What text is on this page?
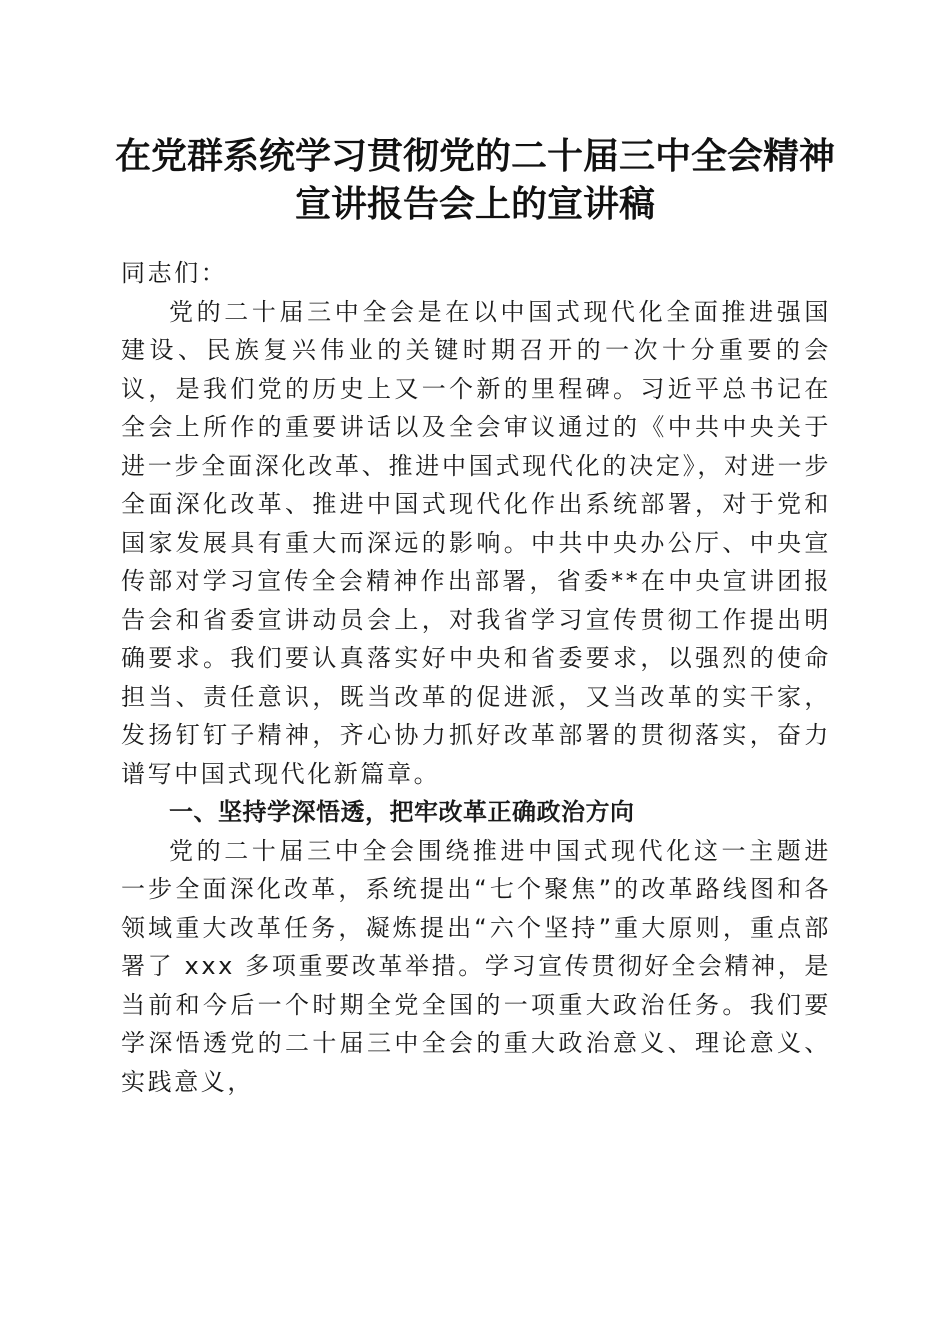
在党群系统学习贯彻党的二十届三中全会精神
宣讲报告会上的宣讲稿

同志们：

党的二十届三中全会是在以中国式现代化全面推进强国建设、民族复兴伟业的关键时期召开的一次十分重要的会议，是我们党的历史上又一个新的里程碑。习近平总书记在全会上所作的重要讲话以及全会审议通过的《中共中央关于进一步全面深化改革、推进中国式现代化的决定》，对进一步全面深化改革、推进中国式现代化作出系统部署，对于党和国家发展具有重大而深远的影响。中共中央办公厅、中央宣传部对学习宣传全会精神作出部署，省委**在中央宣讲团报告会和省委宣讲动员会上，对我省学习宣传贯彻工作提出明确要求。我们要认真落实好中央和省委要求，以强烈的使命担当、责任意识，既当改革的促进派，又当改革的实干家，发扬钉钉子精神，齐心协力抓好改革部署的贯彻落实，奋力谱写中国式现代化新篇章。

一、坚持学深悟透，把牢改革正确政治方向

党的二十届三中全会围绕推进中国式现代化这一主题进一步全面深化改革，系统提出“七个聚焦”的改革路线图和各领域重大改革任务，凝炼提出“六个坚持”重大原则，重点部署了 xxx 多项重要改革举措。学习宣传贯彻好全会精神，是当前和今后一个时期全党全国的一项重大政治任务。我们要学深悟透党的二十届三中全会的重大政治意义、理论意义、实践意义，
